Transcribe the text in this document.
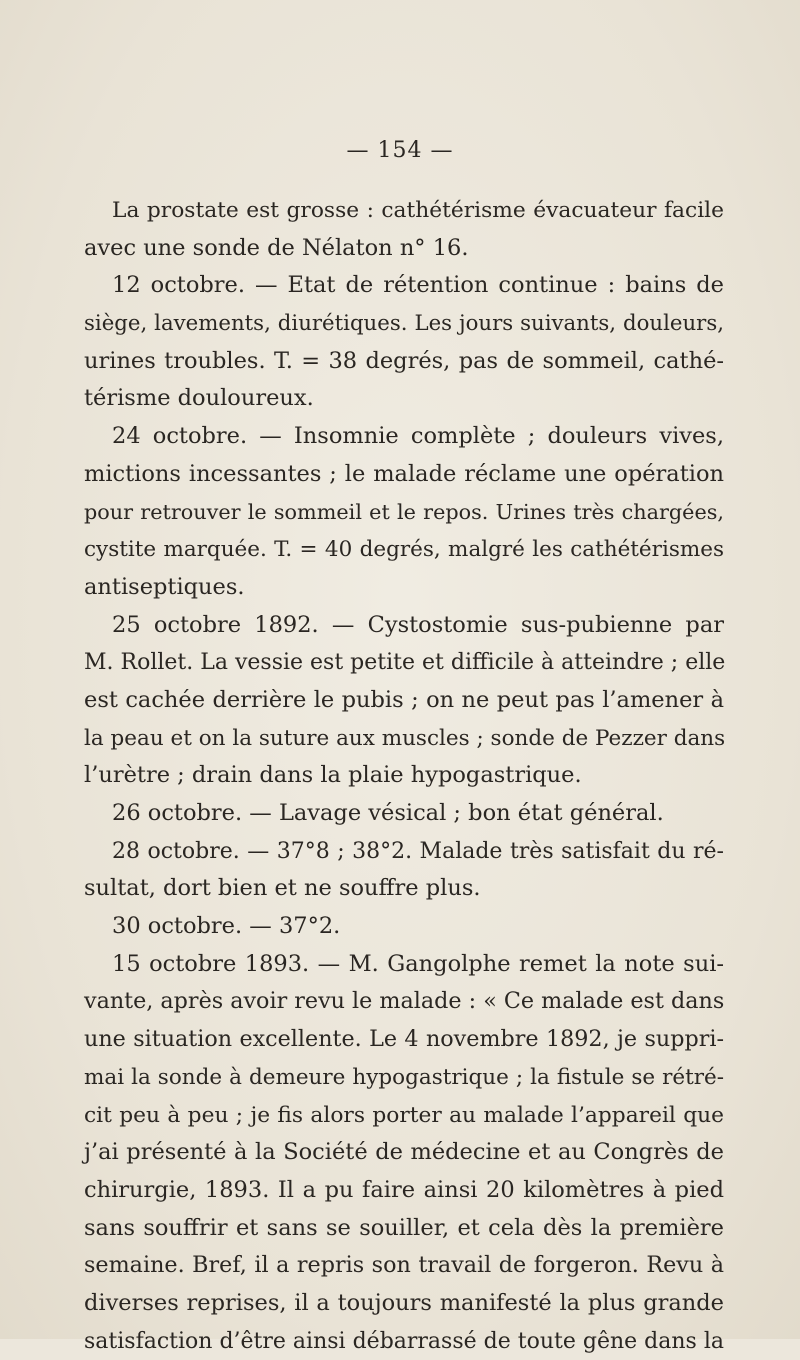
— 154 —
La prostate est grosse : cathétérisme évacuateur facile
avec une sonde de Nélaton n° 16.
12 octobre. — Etat de rétention continue : bains de
siège, lavements, diurétiques. Les jours suivants, douleurs,
urines troubles. T. = 38 degrés, pas de sommeil, cathé-
térisme douloureux.
24 octobre. — Insomnie complète ; douleurs vives,
mictions incessantes ; le malade réclame une opération
pour retrouver le sommeil et le repos. Urines très chargées,
cystite marquée. T. = 40 degrés, malgré les cathétérismes
antiseptiques.
25 octobre 1892. — Cystostomie sus-pubienne par
M. Rollet. La vessie est petite et difficile à atteindre ; elle
est cachée derrière le pubis ; on ne peut pas l’amener à
la peau et on la suture aux muscles ; sonde de Pezzer dans
l’urètre ; drain dans la plaie hypogastrique.
26 octobre. — Lavage vésical ; bon état général.
28 octobre. — 37°8 ; 38°2. Malade très satisfait du ré-
sultat, dort bien et ne souffre plus.
30 octobre. — 37°2.
15 octobre 1893. — M. Gangolphe remet la note sui-
vante, après avoir revu le malade : « Ce malade est dans
une situation excellente. Le 4 novembre 1892, je suppri-
mai la sonde à demeure hypogastrique ; la fistule se rétré-
cit peu à peu ; je fis alors porter au malade l’appareil que
j’ai présenté à la Société de médecine et au Congrès de
chirurgie, 1893. Il a pu faire ainsi 20 kilomètres à pied
sans souffrir et sans se souiller, et cela dès la première
semaine. Bref, il a repris son travail de forgeron. Revu à
diverses reprises, il a toujours manifesté la plus grande
satisfaction d’être ainsi débarrassé de toute gêne dans la
